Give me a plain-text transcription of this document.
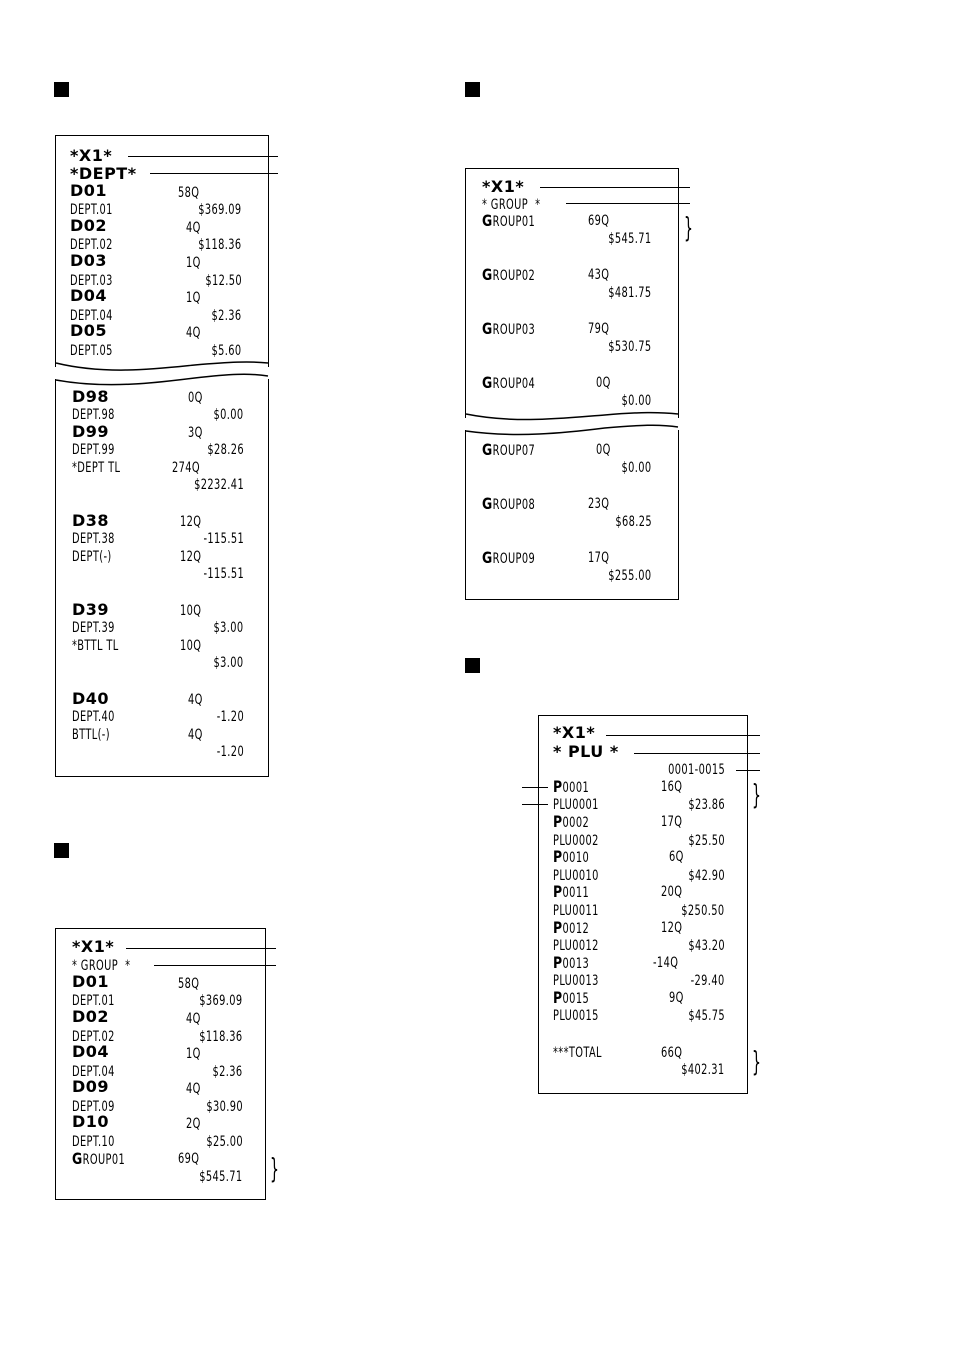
*X1*
*DEPT*
D01	58Q
DEPT.01	$369.09
D02	4Q
DEPT.02	$118.36
D03	1Q
DEPT.03	$12.50
D04	1Q
DEPT.04	$2.36
D05	4Q
DEPT.05	$5.60
D98	0Q
DEPT.98	$0.00
D99	3Q
DEPT.99	$28.26
*DEPT TL	274Q
$2232.41
D38	12Q
DEPT.38	-115.51
DEPT(-)	12Q
-115.51
D39	10Q
DEPT.39	$3.00
*BTTL TL	10Q
$3.00
D40	4Q
DEPT.40	-1.20
BTTL(-)	4Q
-1.20
*X1*
* GROUP  *
D01	58Q
DEPT.01	$369.09
D02	4Q
DEPT.02	$118.36
D04	1Q
DEPT.04	$2.36
D09	4Q
DEPT.09	$30.90
D10	2Q
DEPT.10	$25.00
GROUP01	69Q
$545.71 }
*X1*
* GROUP  *
GROUP01	69Q
$545.71
GROUP02	43Q
$481.75
GROUP03	79Q
$530.75
GROUP04	0Q
$0.00
GROUP07	0Q
$0.00
GROUP08	23Q
$68.25
GROUP09	17Q
$255.00
}
*X1*
* PLU *
0001-0015
P0001	16Q
PLU0001	$23.86
P0002	17Q
PLU0002	$25.50
P0010	6Q
PLU0010	$42.90
P0011	20Q
PLU0011	$250.50
P0012	12Q
PLU0012	$43.20
P0013	-14Q
PLU0013	-29.40
P0015	9Q
PLU0015	$45.75
***TOTAL	66Q
$402.31
}
}
